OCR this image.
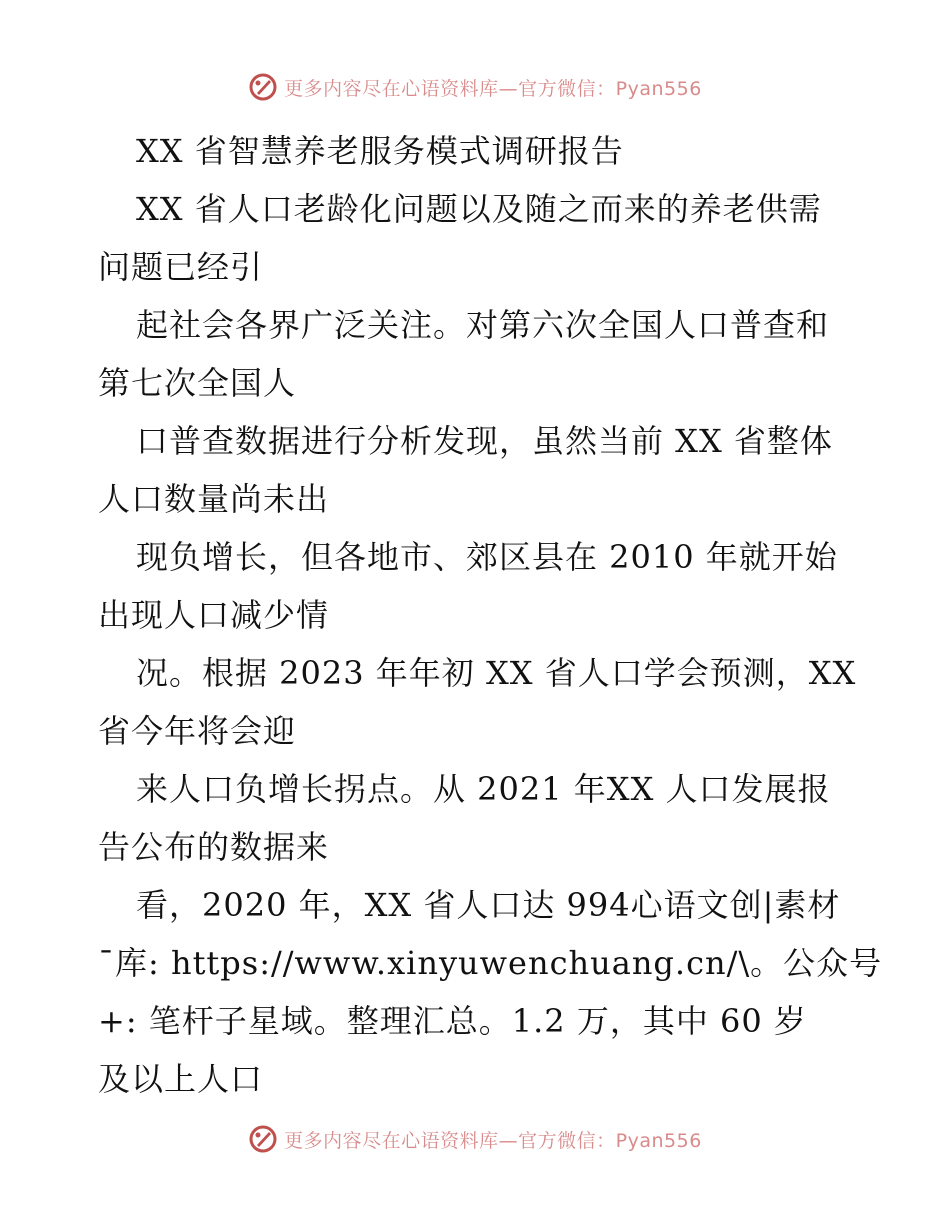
更多内容尽在心语资料库—官方微信：Pyan556
XX 省智慧养老服务模式调研报告
XX 省人口老龄化问题以及随之而来的养老供需
问题已经引
起社会各界广泛关注。对第六次全国人口普查和
第七次全国人
口普查数据进行分析发现，虽然当前 XX 省整体
人口数量尚未出
现负增长，但各地市、郊区县在 2010 年就开始
出现人口减少情
况。根据 2023 年年初 XX 省人口学会预测，XX
省今年将会迎
来人口负增长拐点。从 2021 年XX 人口发展报
告公布的数据来
看，2020 年，XX 省人口达 994心语文创|素材
¯库: https://www.xinyuwenchuang.cn/\。公众号
+: 笔杆子星域。整理汇总。1.2 万，其中 60 岁
及以上人口
更多内容尽在心语资料库—官方微信：Pyan556
